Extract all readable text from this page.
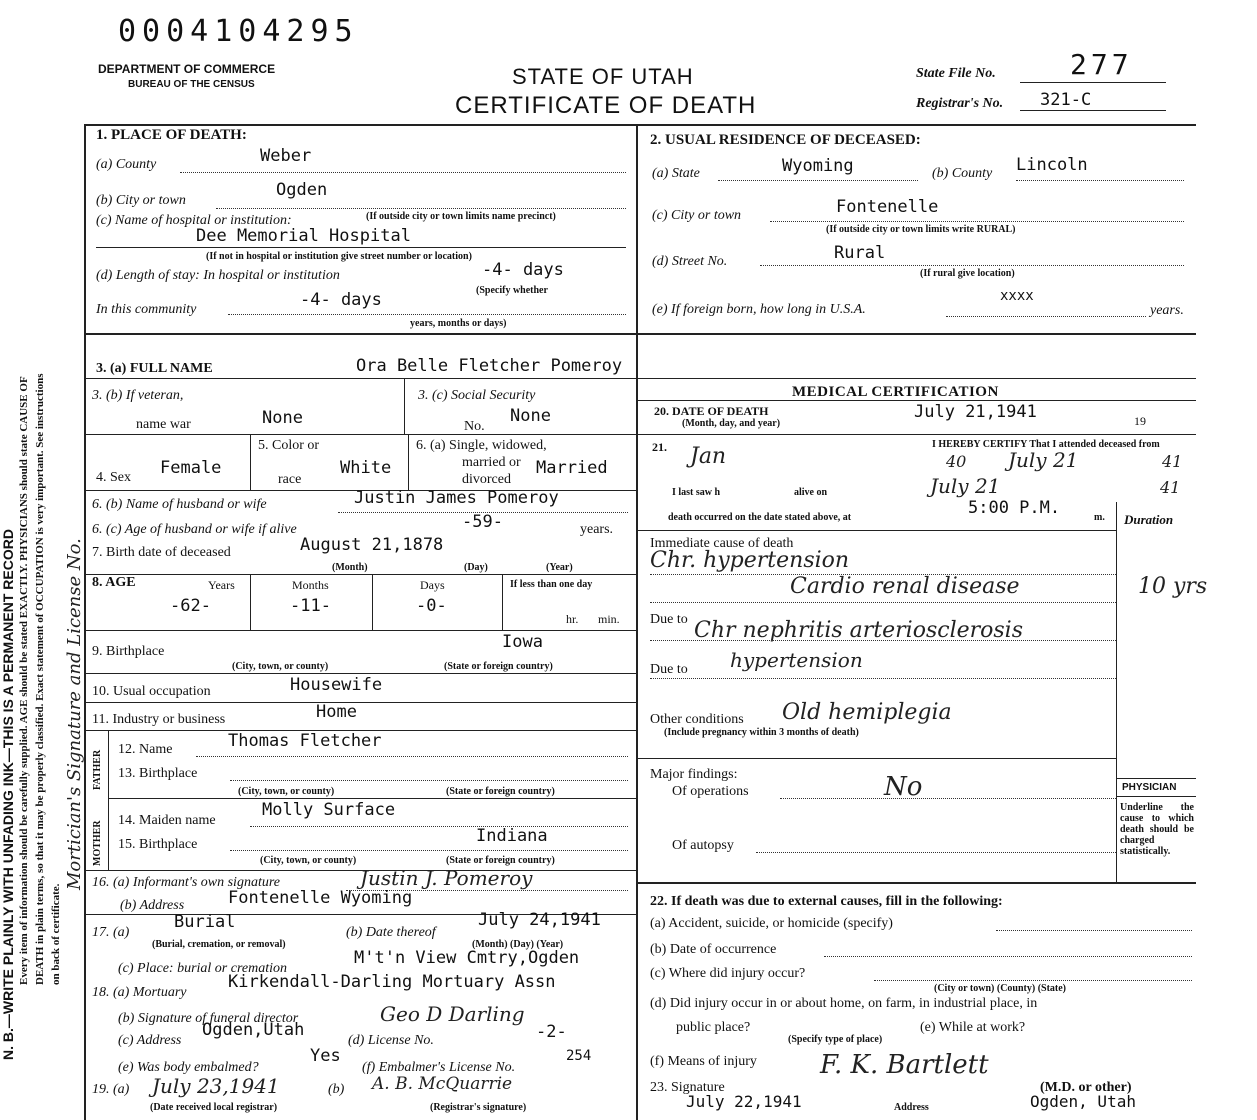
0004104295
DEPARTMENT OF COMMERCE
BUREAU OF THE CENSUS	STATE OF UTAH
CERTIFICATE OF DEATH
State File No.	277
Registrar's No. 321-C
N. B.—WRITE PLAINLY WITH UNFADING INK—THIS IS A PERMANENT RECORD Every item of information should be carefully supplied. AGE should be stated EXACTLY. PHYSICIANS should state CAUSE OF DEATH in plain terms, so that it may be properly classified. Exact statement of OCCUPATION is very important. See instructions on back of certificate.
Mortician's Signature and License No.
1. PLACE OF DEATH:
(a) County	Weber
(b) City or town
Ogden
(c) Name of hospital or institution:	(If outside city or town limits name precinct)
Dee Memorial Hospital
(If not in hospital or institution give street number or location)
(d) Length of stay: In hospital or institution	-4- days
(Specify whether
In this community	-4- days
years, months or days)
2. USUAL RESIDENCE OF DECEASED:
(a) State	Wyoming	(b) County Lincoln
(c) City or town	Fontenelle
(If outside city or town limits write RURAL)
(d) Street No.	Rural
(If rural give location)
(e) If foreign born, how long in U.S.A.
xxxx
years.
3. (a) FULL NAME	Ora Belle Fletcher Pomeroy
3. (b) If veteran,
name war	None
3. (c) Social Security
No.
None
4. Sex Female
5. Color or
race
White
6. (a) Single, widowed,
married or
divorced
Married
6. (b) Name of husband or wife	Justin James Pomeroy
6. (c) Age of husband or wife if alive	-59-	years.
7. Birth date of deceased	August 21,1878
(Month)	(Day)	(Year)
8. AGE	Years	Months	Days	If less than one day
-62-	-11-	-0-
hr. min.
9. Birthplace	Iowa
(City, town, or county)	(State or foreign country)
10. Usual occupation	Housewife
11. Industry or business	Home
FATHER
MOTHER
12. Name	Thomas Fletcher
13. Birthplace
(City, town, or county)	(State or foreign country)
14. Maiden name
Molly Surface
15. Birthplace	Indiana
(City, town, or county)	(State or foreign country)
16. (a) Informant's own signature	Justin J. Pomeroy
(b) Address	Fontenelle Wyoming
17. (a)
Burial
(b) Date thereof
July 24,1941
(Burial, cremation, or removal)	(Month) (Day) (Year)
(c) Place: burial or cremation
M't'n View Cmtry,Ogden
18. (a) Mortuary
Kirkendall-Darling Mortuary Assn
(b) Signature of funeral director	Geo D Darling
(c) Address
Ogden,Utah
(d) License No.	-2-
(e) Was body embalmed?
Yes
(f) Embalmer's License No.
254
19. (a) July 23,1941	(b) A. B. McQuarrie
(Date received local registrar)	(Registrar's signature)
MEDICAL CERTIFICATION
20. DATE OF DEATH
(Month, day, and year)
July 21,1941	19
21.	I HEREBY CERTIFY That I attended deceased from
Jan	40 July 21	41
I last saw h	alive on	July 21	41
death occurred on the date stated above, at	5:00 P.M.	m. Duration
Immediate cause of death
Chr. hypertension
Cardio renal disease	10 yrs
Due to Chr nephritis arteriosclerosis
Due to hypertension
Other conditions
(Include pregnancy within 3 months of death)
Old hemiplegia
Major findings:
Of operations	No
Of autopsy
PHYSICIAN
Underline the cause to which death should be charged statistically.
22. If death was due to external causes, fill in the following:
(a) Accident, suicide, or homicide (specify)
(b) Date of occurrence
(c) Where did injury occur?
(City or town) (County) (State)
(d) Did injury occur in or about home, on farm, in industrial place, in
public place?
(Specify type of place)
(e) While at work?
(f) Means of injury F. K. Bartlett
23. Signature	(M.D. or other)
July 22,1941	Address	Ogden, Utah
